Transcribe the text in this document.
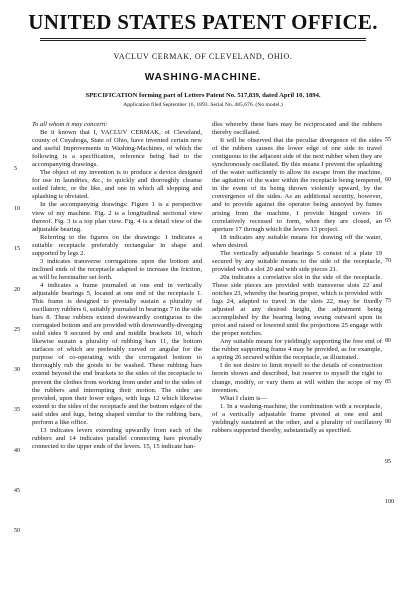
UNITED STATES PATENT OFFICE.
VACLUV CERMAK, OF CLEVELAND, OHIO.
WASHING-MACHINE.
SPECIFICATION forming part of Letters Patent No. 517,839, dated April 10, 1894.
Application filed September 16, 1893. Serial No. 485,676. (No model.)

To all whom it may concern:

Be it known that I, VACLUV CERMAK, of Cleveland, county of Cuyahoga, State of Ohio, have invented certain new and useful Improvements in Washing-Machines, of which the following is a specification, reference being had to the accompanying drawings.

The object of my invention is to produce a device designed for use in laundries, &c., to quickly and thoroughly cleanse soiled fabric, or the like, and one in which all slopping and splashing is obviated.

In the accompanying drawings: Figure 1 is a perspective view of my machine. Fig. 2 is a longitudinal sectional view thereof. Fig. 3 is a top plan view. Fig. 4 is a detail view of the adjustable bearing.

Referring to the figures on the drawings: 1 indicates a suitable receptacle preferably rectangular in shape and supported by legs 2.

3 indicates transverse corrugations upon the bottom and inclined ends of the receptacle adapted to increase the friction, as will be hereinafter set forth.

4 indicates a frame journaled at one end in vertically adjustable bearings 5, located at one end of the receptacle 1. This frame is designed to pivotally sustain a plurality of oscillatory rubbers 6, suitably journaled in bearings 7 in the side bars 8. These rubbers extend downwardly contiguous to the corrugated bottom and are provided with downwardly-diverging solid sides 9 secured by end and middle brackets 10, which likewise sustain a plurality of rubbing bars 11, the bottom surfaces of which are preferably curved or angular for the purpose of co-operating with the corrugated bottom to thoroughly rub the goods to be washed. These rubbing bars extend beyond the end brackets to the sides of the receptacle to prevent the clothes from working from under and to the sides of the rubbers and interrupting their motion. The sides are provided, upon their lower edges, with lugs 12 which likewise extend to the sides of the receptacle and the bottom edges of the said sides and lugs, being shaped similar to the rubbing bars, perform a like office.

13 indicates levers extending upwardly from each of the rubbers and 14 indicates parallel connecting bars pivotally connected to the upper ends of the levers. 15, 15 indicate han-

dles whereby these bars may be reciprocated and the rubbers thereby oscillated.

It will be observed that the peculiar divergence of the sides of the rubbers causes the lower edge of one side to travel contiguous to the adjacent side of the next rubber when they are synchronously oscillated. By this means I prevent the splashing of the water sufficiently to allow its escape from the machine, the agitation of the water within the receptacle being tempered, in the event of its being thrown violently upward, by the convergence of the sides. As an additional security, however, and to provide against the operator being annoyed by fumes arising from the machine, I provide hinged covers 16 correlatively recessed to form, when they are closed, an aperture 17 through which the levers 13 project.

18 indicates any suitable means for drawing off the water, when desired.

The vertically adjustable bearings 5 consist of a plate 19 secured by any suitable means to the side of the receptacle, provided with a slot 20 and with side pieces 21.

20a indicates a correlative slot in the side of the receptacle. These side pieces are provided with transverse slots 22 and notches 23, whereby the bearing proper, which is provided with lugs 24, adapted to travel in the slots 22, may be fixedly adjusted at any desired height, the adjustment being accomplished by the bearing being swung outward upon its pivot and raised or lowered until the projections 25 engage with the proper notches.

Any suitable means for yieldingly supporting the free end of the rubber supporting frame 4 may be provided, as for example, a spring 26 secured within the receptacle, as illustrated.

I do not desire to limit myself to the details of construction herein shown and described, but reserve to myself the right to change, modify, or vary them at will within the scope of my invention.

What I claim is—

1. In a washing-machine, the combination with a receptacle, of a vertically adjustable frame pivoted at one end and yieldingly sustained at the other, and a plurality of oscillatory rubbers supported thereby, substantially as specified.

5
10
15
20
25
30
35
40
45
50
55
60
65
70
75
80
85
90
95
100
